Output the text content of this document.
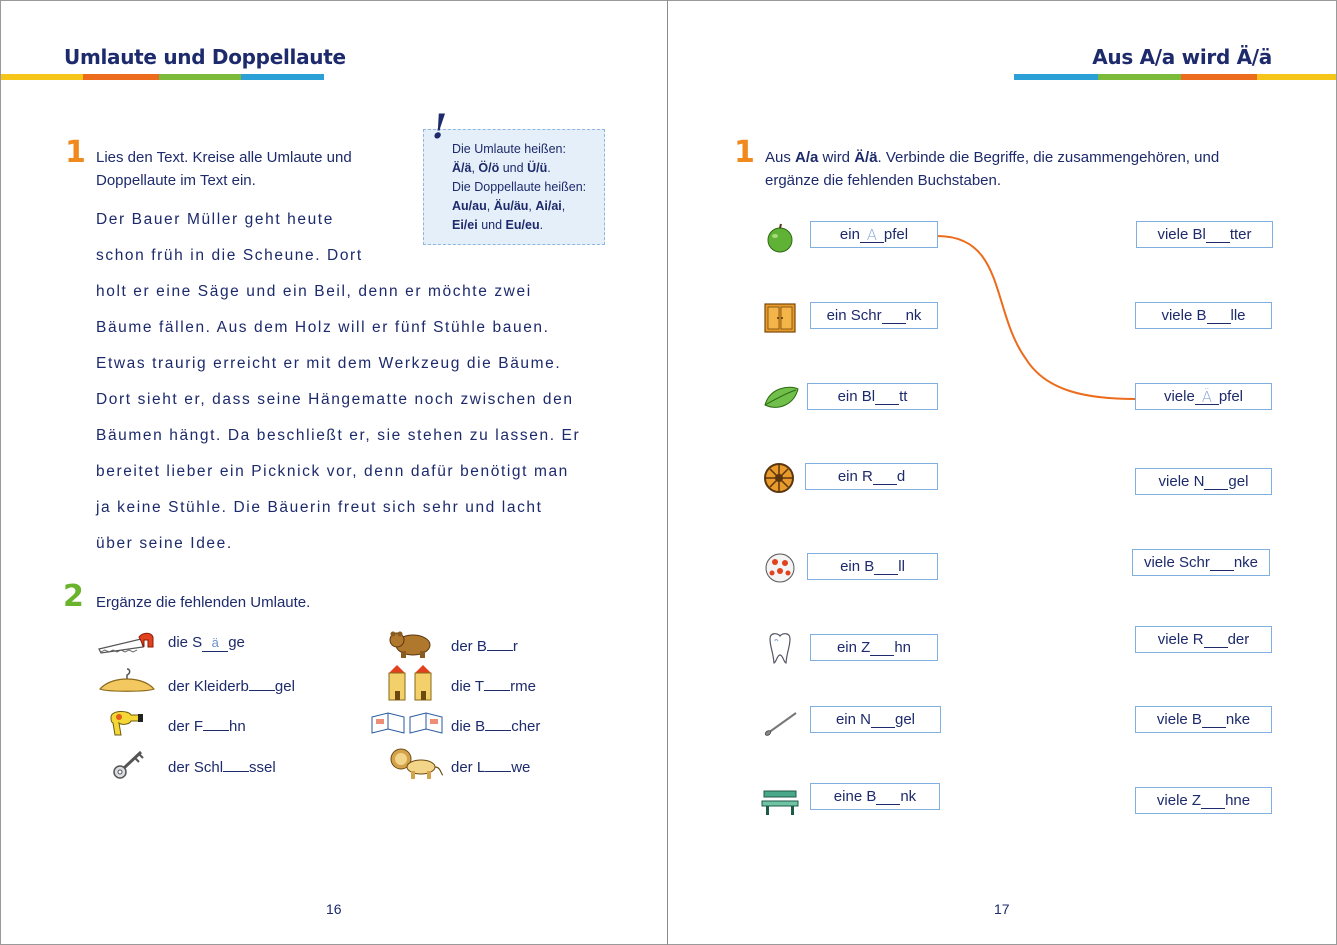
Umlaute und Doppellaute
1 Lies den Text. Kreise alle Umlaute und
Doppellaute im Text ein.
!
Die Umlaute heißen:
Ä/ä, Ö/ö und Ü/ü.
Die Doppellaute heißen:
Au/au, Äu/äu, Ai/ai,
Ei/ei und Eu/eu.
Der Bauer Müller geht heute
schon früh in die Scheune. Dort
holt er eine Säge und ein Beil, denn er möchte zwei
Bäume fällen. Aus dem Holz will er fünf Stühle bauen.
Etwas traurig erreicht er mit dem Werkzeug die Bäume.
Dort sieht er, dass seine Hängematte noch zwischen den
Bäumen hängt. Da beschließt er, sie stehen zu lassen. Er
bereitet lieber ein Picknick vor, denn dafür benötigt man
ja keine Stühle. Die Bäuerin freut sich sehr und lacht
über seine Idee.
2 Ergänze die fehlenden Umlaute.
die S ä ge
der Kleiderb gel
der F hn
der Schl ssel
der B r
die T rme
die B cher
der L we
16
Aus A/a wird Ä/ä
1 Aus A/a wird Ä/ä. Verbinde die Begriffe, die zusammengehören, und
ergänze die fehlenden Buchstaben.
ein A pfel
ein Schr nk
ein Bl tt
ein R d
ein B ll
ein Z hn
ein N gel
eine B nk
viele Bl tter
viele B lle
viele Ä pfel
viele N gel
viele Schr nke
viele R der
viele B nke
viele Z hne
17
